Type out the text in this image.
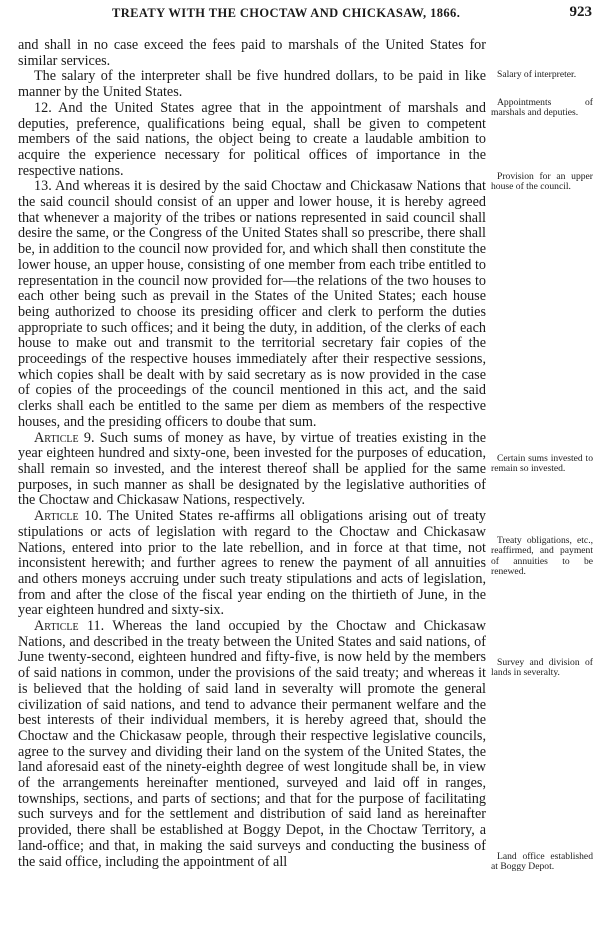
TREATY WITH THE CHOCTAW AND CHICKASAW, 1866.	923

and shall in no case exceed the fees paid to marshals of the United States for similar services.

The salary of the interpreter shall be five hundred dollars, to be paid in like manner by the United States.

12. And the United States agree that in the appointment of marshals and deputies, preference, qualifications being equal, shall be given to competent members of the said nations, the object being to create a laudable ambition to acquire the experience necessary for political offices of importance in the respective nations.

13. And whereas it is desired by the said Choctaw and Chickasaw Nations that the said council should consist of an upper and lower house, it is hereby agreed that whenever a majority of the tribes or nations represented in said council shall desire the same, or the Congress of the United States shall so prescribe, there shall be, in addition to the council now provided for, and which shall then constitute the lower house, an upper house, consisting of one member from each tribe entitled to representation in the council now provided for—the relations of the two houses to each other being such as prevail in the States of the United States; each house being authorized to choose its presiding officer and clerk to perform the duties appropriate to such offices; and it being the duty, in addition, of the clerks of each house to make out and transmit to the territorial secretary fair copies of the proceedings of the respective houses immediately after their respective sessions, which copies shall be dealt with by said secretary as is now provided in the case of copies of the proceedings of the council mentioned in this act, and the said clerks shall each be entitled to the same per diem as members of the respective houses, and the presiding officers to doube that sum.

Article 9. Such sums of money as have, by virtue of treaties existing in the year eighteen hundred and sixty-one, been invested for the purposes of education, shall remain so invested, and the interest thereof shall be applied for the same purposes, in such manner as shall be designated by the legislative authorities of the Choctaw and Chickasaw Nations, respectively.

Article 10. The United States re-affirms all obligations arising out of treaty stipulations or acts of legislation with regard to the Choctaw and Chickasaw Nations, entered into prior to the late rebellion, and in force at that time, not inconsistent herewith; and further agrees to renew the payment of all annuities and others moneys accruing under such treaty stipulations and acts of legislation, from and after the close of the fiscal year ending on the thirtieth of June, in the year eighteen hundred and sixty-six.

Article 11. Whereas the land occupied by the Choctaw and Chickasaw Nations, and described in the treaty between the United States and said nations, of June twenty-second, eighteen hundred and fifty-five, is now held by the members of said nations in common, under the provisions of the said treaty; and whereas it is believed that the holding of said land in severalty will promote the general civilization of said nations, and tend to advance their permanent welfare and the best interests of their individual members, it is hereby agreed that, should the Choctaw and the Chickasaw people, through their respective legislative councils, agree to the survey and dividing their land on the system of the United States, the land aforesaid east of the ninety-eighth degree of west longitude shall be, in view of the arrangements hereinafter mentioned, surveyed and laid off in ranges, townships, sections, and parts of sections; and that for the purpose of facilitating such surveys and for the settlement and distribution of said land as hereinafter provided, there shall be established at Boggy Depot, in the Choctaw Territory, a land-office; and that, in making the said surveys and conducting the business of the said office, including the appointment of all

Salary of interpreter.
Appointments of marshals and deputies.
Provision for an upper house of the council.
Certain sums invested to remain so invested.
Treaty obligations, etc., reaffirmed, and payment of annuities to be renewed.
Survey and division of lands in severalty.
Land office established at Boggy Depot.
